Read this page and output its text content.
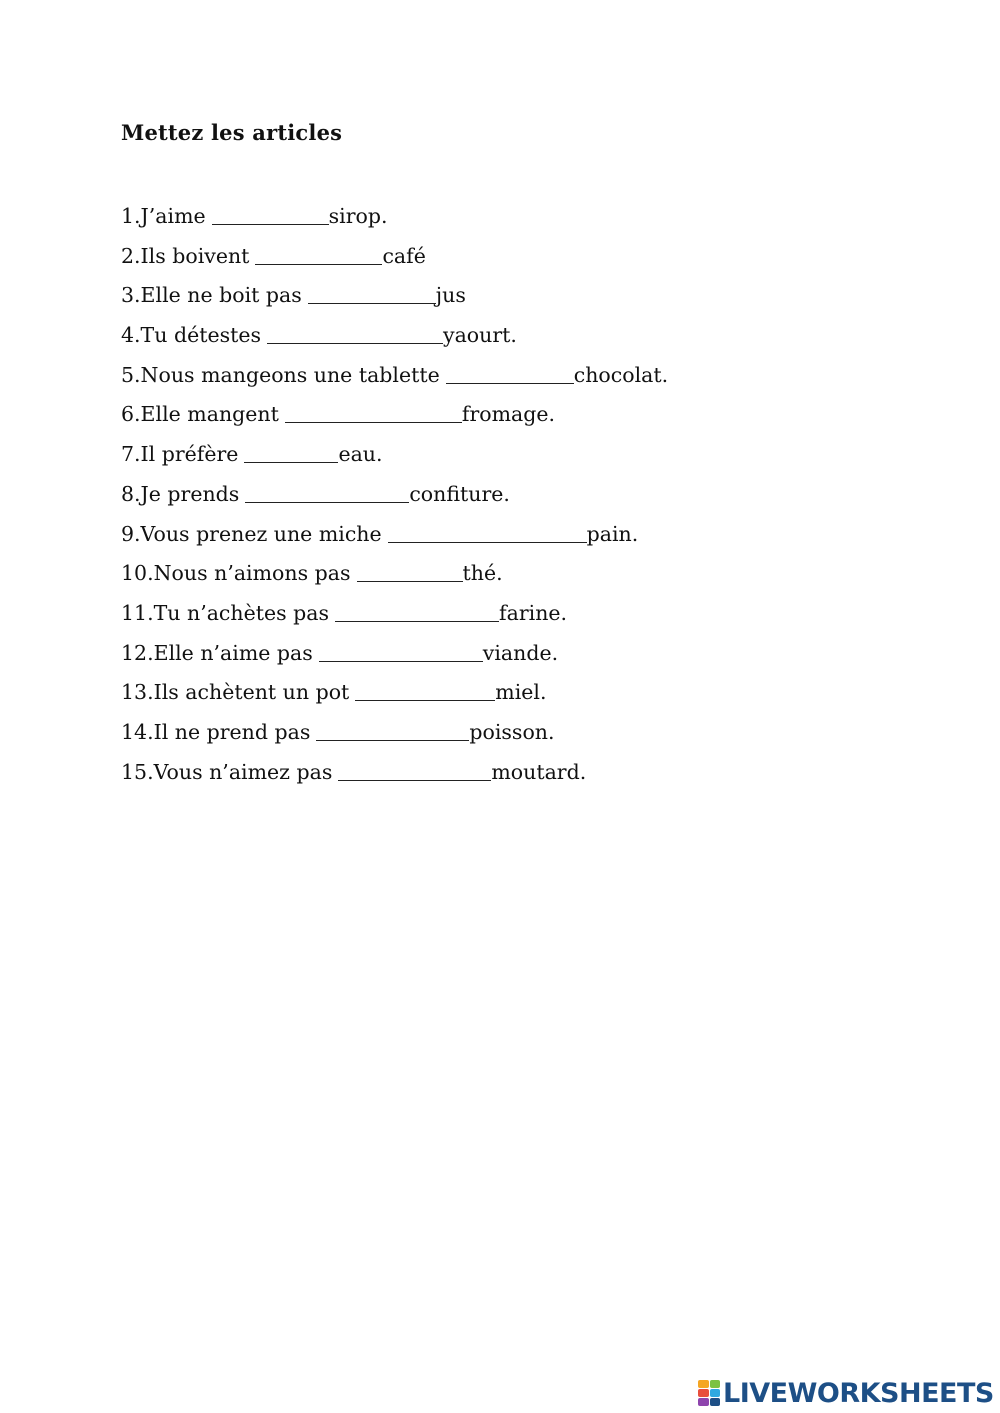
Mettez les articles
1.J’aime	sirop.
2.Ils boivent	café
3.Elle ne boit pas	jus
4.Tu détestes	yaourt.
5.Nous mangeons une tablette	chocolat.
6.Elle mangent	fromage.
7.Il préfère	eau.
8.Je prends	confiture.
9.Vous prenez une miche	pain.
10.Nous n’aimons pas	thé.
11.Tu n’achètes pas	farine.
12.Elle n’aime pas	viande.
13.Ils achètent un pot	miel.
14.Il ne prend pas	poisson.
15.Vous n’aimez pas	moutard.
LIVEWORKSHEETS
